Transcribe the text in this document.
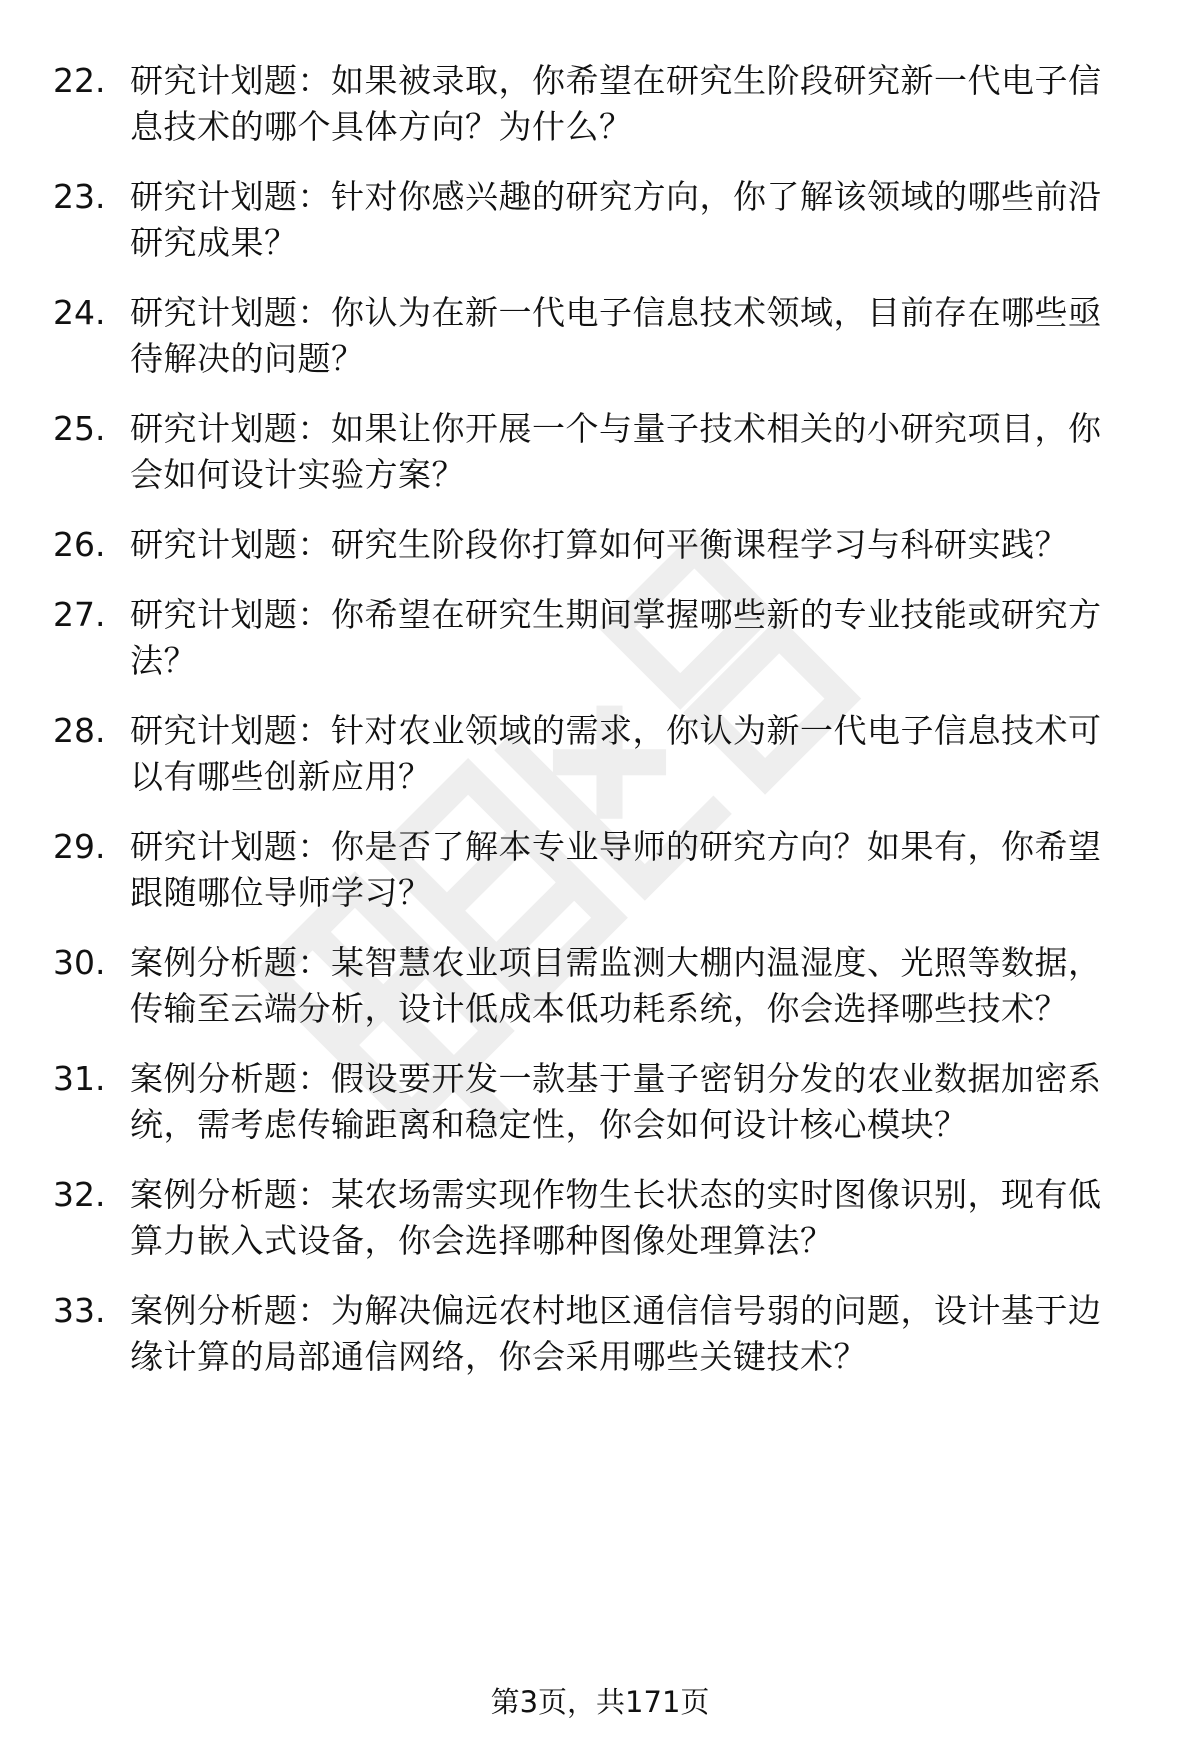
22. 研究计划题：如果被录取，你希望在研究生阶段研究新一代电子信息技术的哪个具体方向？为什么？
23. 研究计划题：针对你感兴趣的研究方向，你了解该领域的哪些前沿研究成果？
24. 研究计划题：你认为在新一代电子信息技术领域，目前存在哪些亟待解决的问题？
25. 研究计划题：如果让你开展一个与量子技术相关的小研究项目，你会如何设计实验方案？
26. 研究计划题：研究生阶段你打算如何平衡课程学习与科研实践？
27. 研究计划题：你希望在研究生期间掌握哪些新的专业技能或研究方法？
28. 研究计划题：针对农业领域的需求，你认为新一代电子信息技术可以有哪些创新应用？
29. 研究计划题：你是否了解本专业导师的研究方向？如果有，你希望跟随哪位导师学习？
30. 案例分析题：某智慧农业项目需监测大棚内温湿度、光照等数据，传输至云端分析，设计低成本低功耗系统，你会选择哪些技术？
31. 案例分析题：假设要开发一款基于量子密钥分发的农业数据加密系统，需考虑传输距离和稳定性，你会如何设计核心模块？
32. 案例分析题：某农场需实现作物生长状态的实时图像识别，现有低算力嵌入式设备，你会选择哪种图像处理算法？
33. 案例分析题：为解决偏远农村地区通信信号弱的问题，设计基于边缘计算的局部通信网络，你会采用哪些关键技术？
第3页，共171页
